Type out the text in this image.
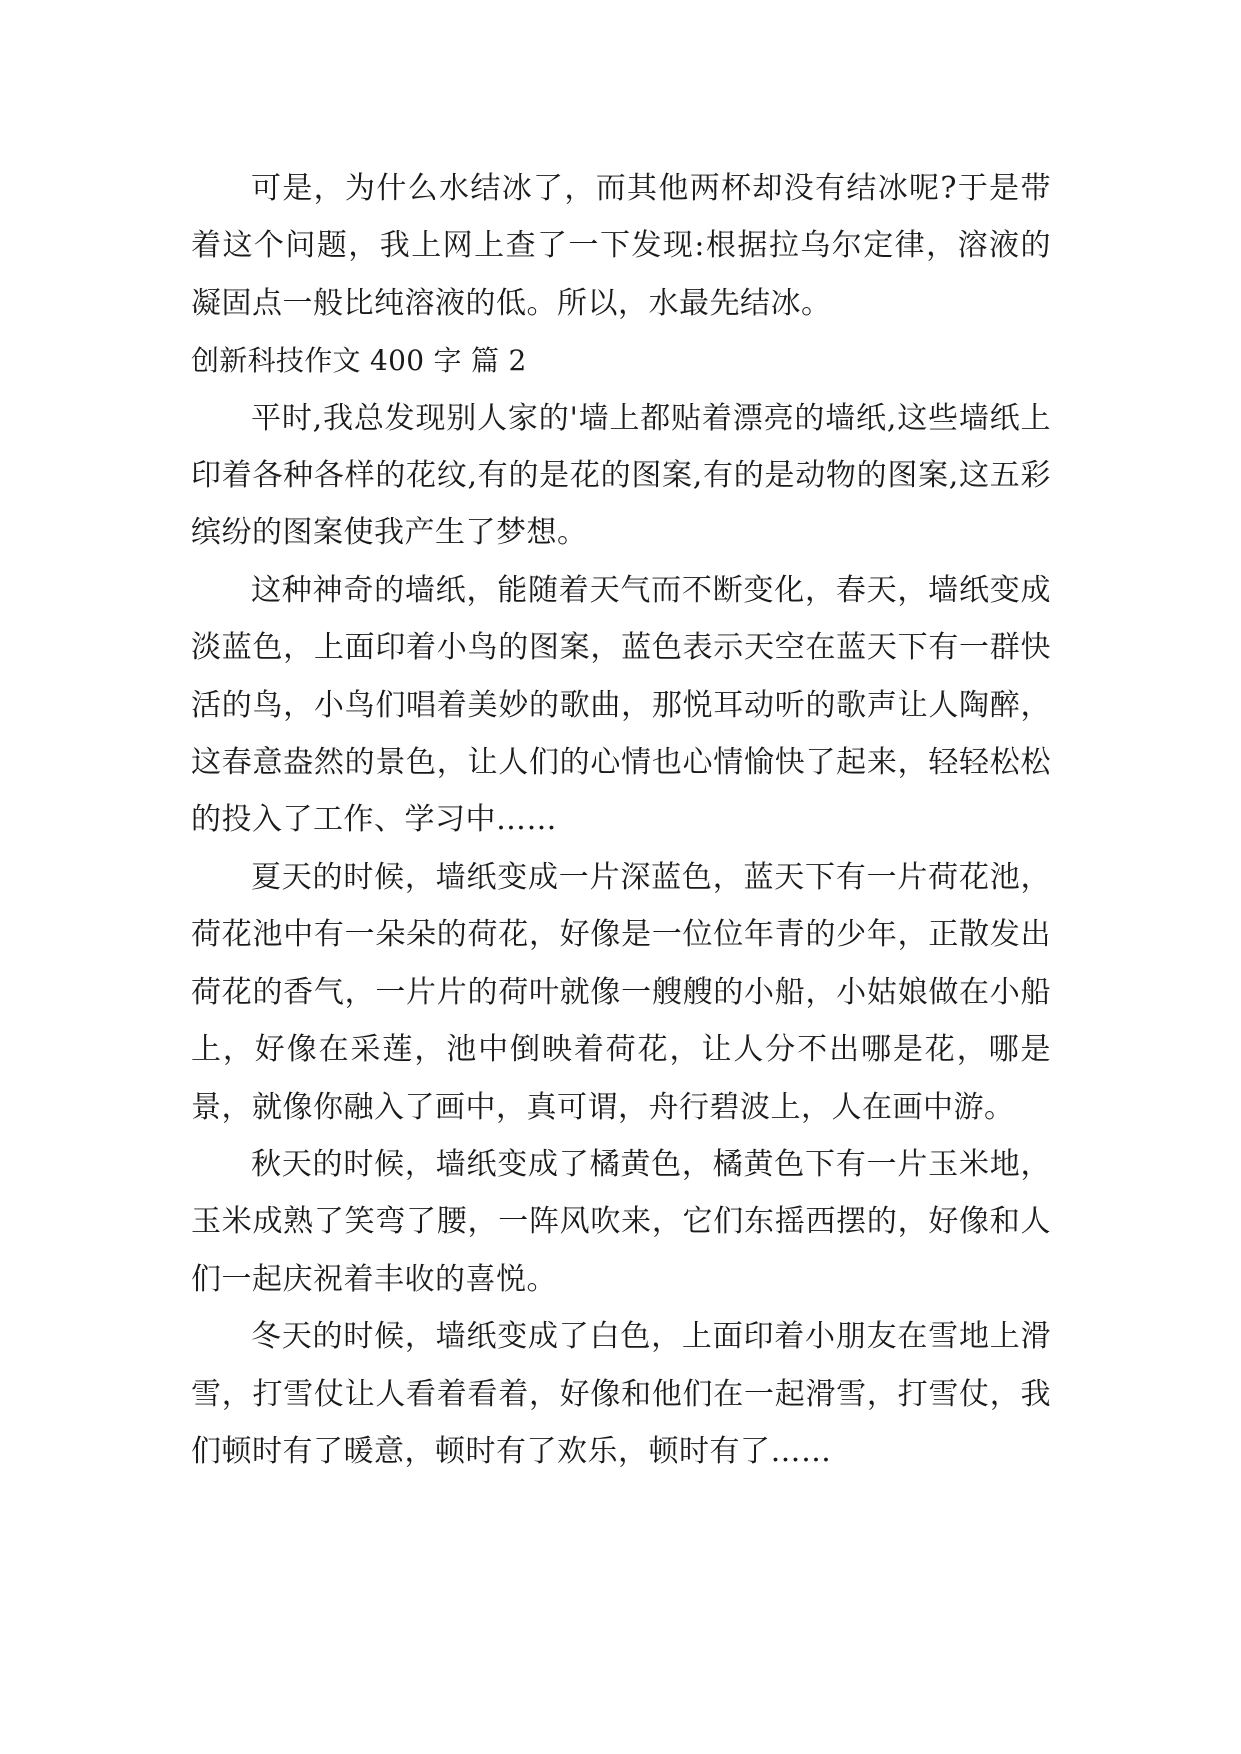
可是，为什么水结冰了，而其他两杯却没有结冰呢?于是带着这个问题，我上网上查了一下发现:根据拉乌尔定律，溶液的凝固点一般比纯溶液的低。所以，水最先结冰。

创新科技作文 400 字 篇 2

平时,我总发现别人家的'墙上都贴着漂亮的墙纸,这些墙纸上印着各种各样的花纹,有的是花的图案,有的是动物的图案,这五彩缤纷的图案使我产生了梦想。

这种神奇的墙纸，能随着天气而不断变化，春天，墙纸变成淡蓝色，上面印着小鸟的图案，蓝色表示天空在蓝天下有一群快活的鸟，小鸟们唱着美妙的歌曲，那悦耳动听的歌声让人陶醉，这春意盎然的景色，让人们的心情也心情愉快了起来，轻轻松松的投入了工作、学习中……

夏天的时候，墙纸变成一片深蓝色，蓝天下有一片荷花池，荷花池中有一朵朵的荷花，好像是一位位年青的少年，正散发出荷花的香气，一片片的荷叶就像一艘艘的小船，小姑娘做在小船上，好像在采莲，池中倒映着荷花，让人分不出哪是花，哪是景，就像你融入了画中，真可谓，舟行碧波上，人在画中游。

秋天的时候，墙纸变成了橘黄色，橘黄色下有一片玉米地，玉米成熟了笑弯了腰，一阵风吹来，它们东摇西摆的，好像和人们一起庆祝着丰收的喜悦。

冬天的时候，墙纸变成了白色，上面印着小朋友在雪地上滑雪，打雪仗让人看着看着，好像和他们在一起滑雪，打雪仗，我们顿时有了暖意，顿时有了欢乐，顿时有了……
